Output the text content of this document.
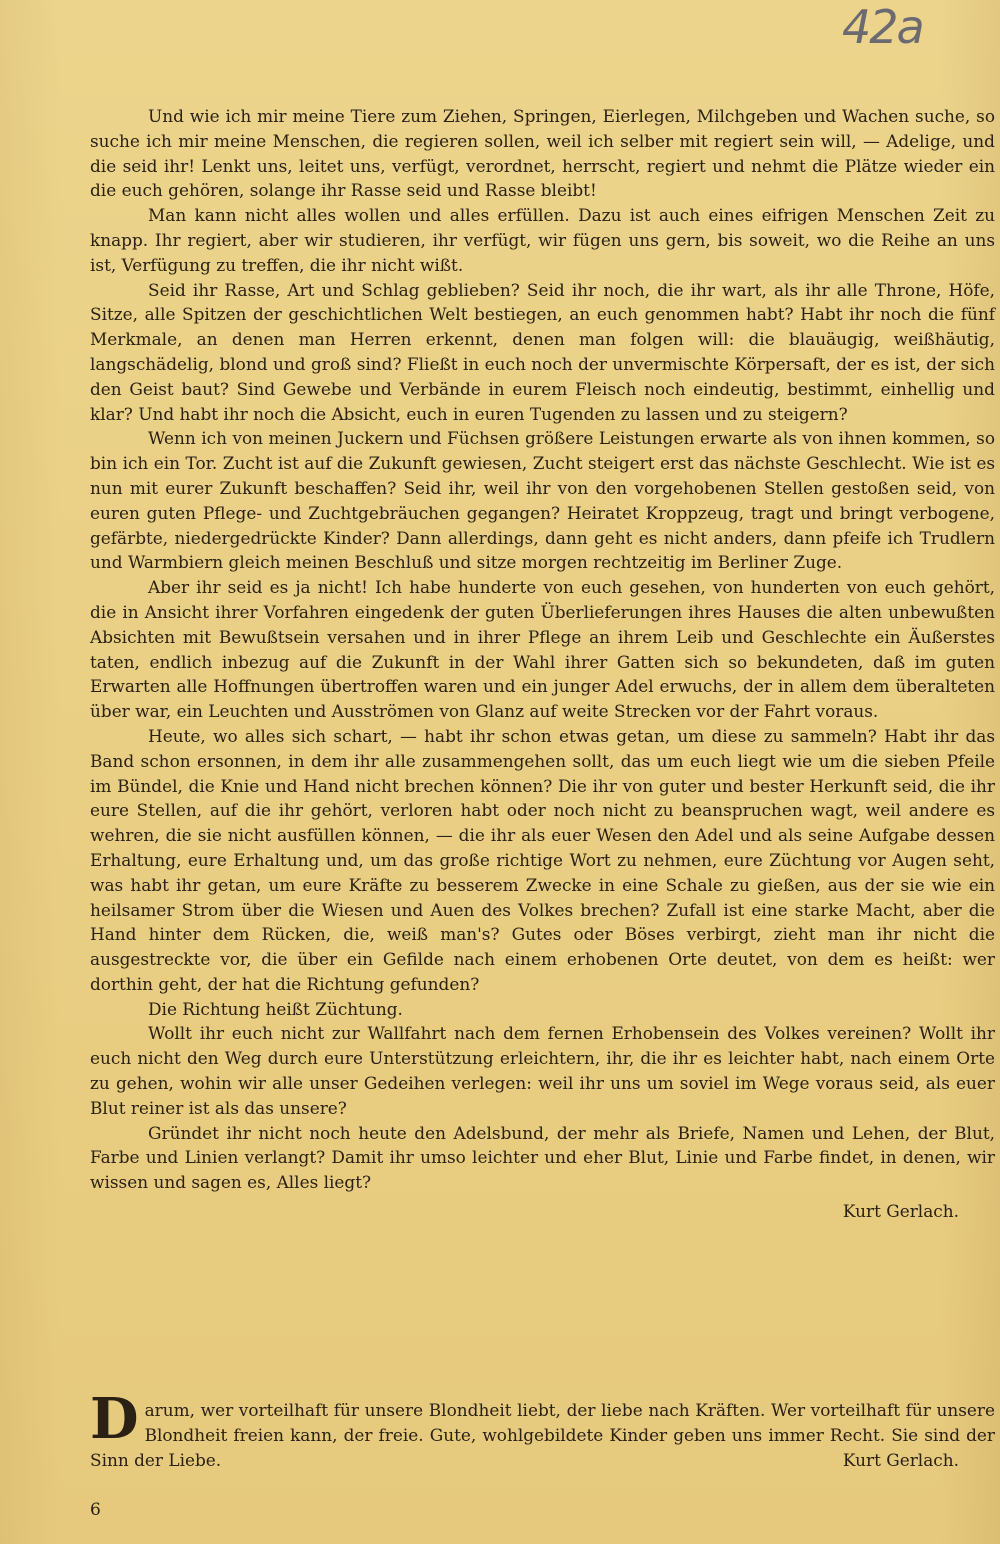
42a

Und wie ich mir meine Tiere zum Ziehen, Springen, Eierlegen, Milchgeben und Wachen suche, so suche ich mir meine Menschen, die regieren sollen, weil ich selber mit regiert sein will, — Adelige, und die seid ihr! Lenkt uns, leitet uns, verfügt, verordnet, herrscht, regiert und nehmt die Plätze wieder ein die euch gehören, solange ihr Rasse seid und Rasse bleibt!

Man kann nicht alles wollen und alles erfüllen. Dazu ist auch eines eifrigen Menschen Zeit zu knapp. Ihr regiert, aber wir studieren, ihr verfügt, wir fügen uns gern, bis soweit, wo die Reihe an uns ist, Verfügung zu treffen, die ihr nicht wißt.

Seid ihr Rasse, Art und Schlag geblieben? Seid ihr noch, die ihr wart, als ihr alle Throne, Höfe, Sitze, alle Spitzen der geschichtlichen Welt bestiegen, an euch genommen habt? Habt ihr noch die fünf Merkmale, an denen man Herren erkennt, denen man folgen will: die blauäugig, weißhäutig, langschädelig, blond und groß sind? Fließt in euch noch der unvermischte Körpersaft, der es ist, der sich den Geist baut? Sind Gewebe und Verbände in eurem Fleisch noch eindeutig, bestimmt, einhellig und klar? Und habt ihr noch die Absicht, euch in euren Tugenden zu lassen und zu steigern?

Wenn ich von meinen Juckern und Füchsen größere Leistungen erwarte als von ihnen kommen, so bin ich ein Tor. Zucht ist auf die Zukunft gewiesen, Zucht steigert erst das nächste Geschlecht. Wie ist es nun mit eurer Zukunft beschaffen? Seid ihr, weil ihr von den vorgehobenen Stellen gestoßen seid, von euren guten Pflege- und Zuchtgebräuchen gegangen? Heiratet Kroppzeug, tragt und bringt verbogene, gefärbte, niedergedrückte Kinder? Dann allerdings, dann geht es nicht anders, dann pfeife ich Trudlern und Warmbiern gleich meinen Beschluß und sitze morgen rechtzeitig im Berliner Zuge.

Aber ihr seid es ja nicht! Ich habe hunderte von euch gesehen, von hunderten von euch gehört, die in Ansicht ihrer Vorfahren eingedenk der guten Überlieferungen ihres Hauses die alten unbewußten Absichten mit Bewußtsein versahen und in ihrer Pflege an ihrem Leib und Geschlechte ein Äußerstes taten, endlich inbezug auf die Zukunft in der Wahl ihrer Gatten sich so bekundeten, daß im guten Erwarten alle Hoffnungen übertroffen waren und ein junger Adel erwuchs, der in allem dem überalteten über war, ein Leuchten und Ausströmen von Glanz auf weite Strecken vor der Fahrt voraus.

Heute, wo alles sich schart, — habt ihr schon etwas getan, um diese zu sammeln? Habt ihr das Band schon ersonnen, in dem ihr alle zusammengehen sollt, das um euch liegt wie um die sieben Pfeile im Bündel, die Knie und Hand nicht brechen können? Die ihr von guter und bester Herkunft seid, die ihr eure Stellen, auf die ihr gehört, verloren habt oder noch nicht zu beanspruchen wagt, weil andere es wehren, die sie nicht ausfüllen können, — die ihr als euer Wesen den Adel und als seine Aufgabe dessen Erhaltung, eure Erhaltung und, um das große richtige Wort zu nehmen, eure Züchtung vor Augen seht, was habt ihr getan, um eure Kräfte zu besserem Zwecke in eine Schale zu gießen, aus der sie wie ein heilsamer Strom über die Wiesen und Auen des Volkes brechen? Zufall ist eine starke Macht, aber die Hand hinter dem Rücken, die, weiß man's? Gutes oder Böses verbirgt, zieht man ihr nicht die ausgestreckte vor, die über ein Gefilde nach einem erhobenen Orte deutet, von dem es heißt: wer dorthin geht, der hat die Richtung gefunden?

Die Richtung heißt Züchtung.

Wollt ihr euch nicht zur Wallfahrt nach dem fernen Erhobensein des Volkes vereinen? Wollt ihr euch nicht den Weg durch eure Unterstützung erleichtern, ihr, die ihr es leichter habt, nach einem Orte zu gehen, wohin wir alle unser Gedeihen verlegen: weil ihr uns um soviel im Wege voraus seid, als euer Blut reiner ist als das unsere?

Gründet ihr nicht noch heute den Adelsbund, der mehr als Briefe, Namen und Lehen, der Blut, Farbe und Linien verlangt? Damit ihr umso leichter und eher Blut, Linie und Farbe findet, in denen, wir wissen und sagen es, Alles liegt?

Kurt Gerlach.

Darum, wer vorteilhaft für unsere Blondheit liebt, der liebe nach Kräften. Wer vorteilhaft für unsere Blondheit freien kann, der freie. Gute, wohlgebildete Kinder geben uns immer Recht. Sie sind der Sinn der Liebe.	Kurt Gerlach.

6
